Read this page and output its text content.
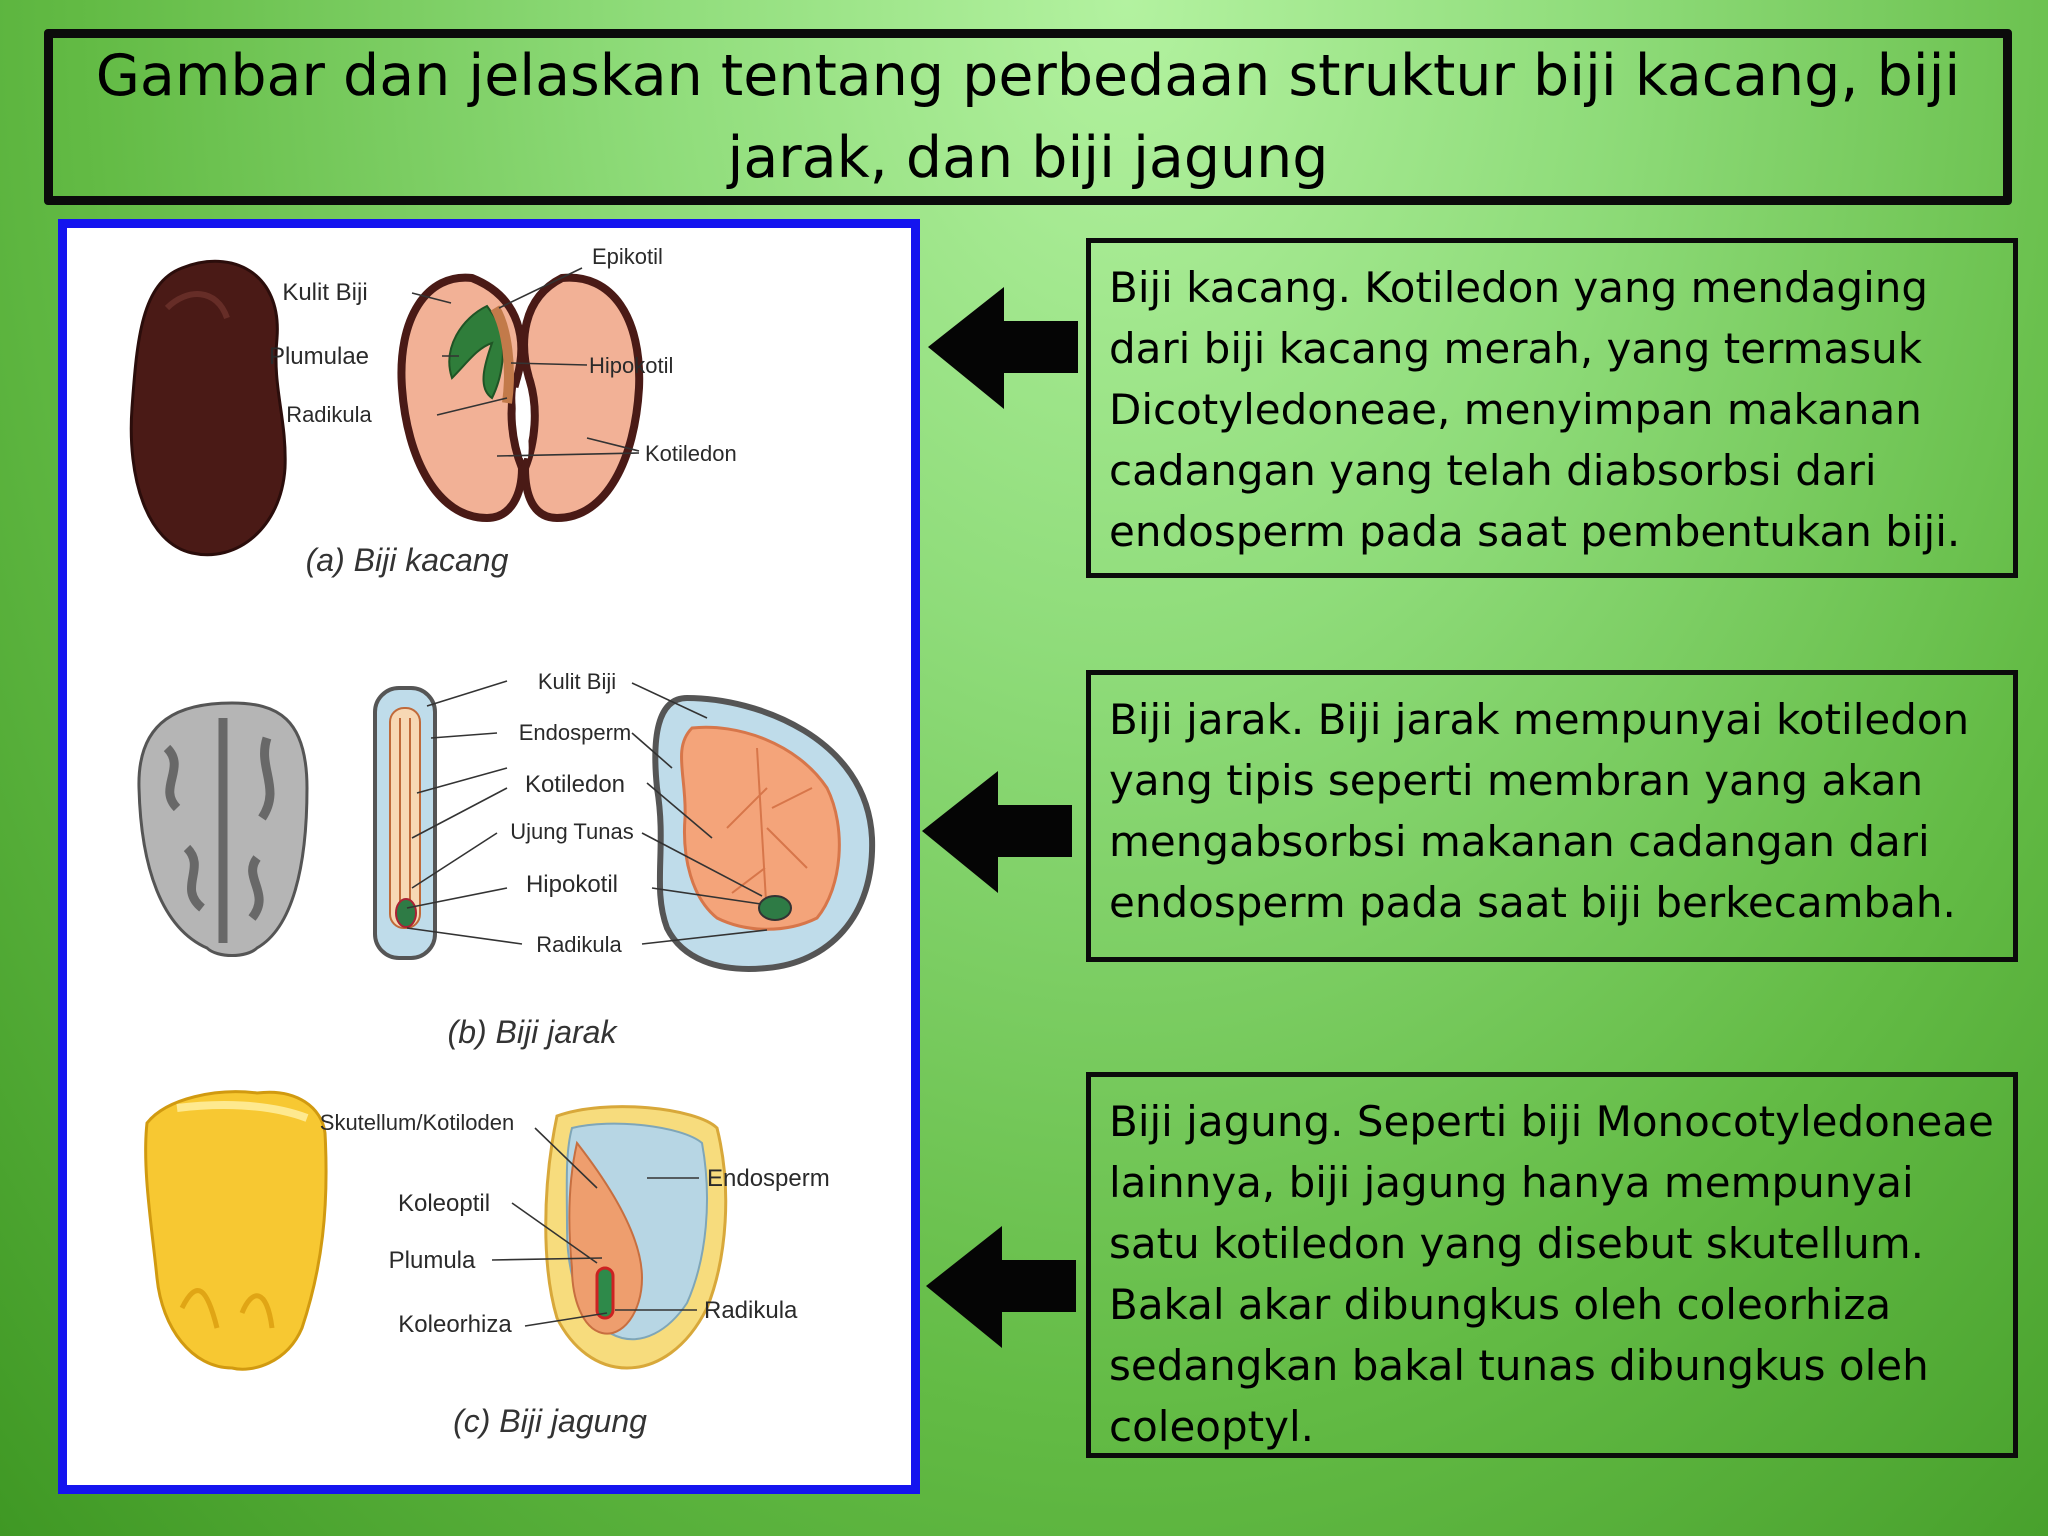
Gambar dan jelaskan tentang perbedaan struktur biji kacang, biji jarak, dan biji jagung
Kulit Biji
Plumulae
Radikula
Epikotil
Hipokotil
Kotiledon
(a) Biji kacang
Kulit Biji
Endosperm
Kotiledon
Ujung Tunas
Hipokotil
Radikula
(b) Biji jarak
Skutellum/Kotiloden
Koleoptil
Plumula
Koleorhiza
Endosperm
Radikula
(c) Biji jagung
Biji kacang. Kotiledon yang mendaging dari biji kacang merah, yang termasuk Dicotyledoneae, menyimpan makanan cadangan yang telah diabsorbsi dari endosperm pada saat pembentukan biji.
Biji jarak. Biji jarak mempunyai kotiledon yang tipis seperti membran yang akan mengabsorbsi makanan cadangan dari endosperm pada saat biji berkecambah.
Biji jagung. Seperti biji Monocotyledoneae lainnya, biji jagung hanya mempunyai satu kotiledon yang disebut skutellum. Bakal akar dibungkus oleh coleorhiza sedangkan bakal tunas dibungkus oleh coleoptyl.
